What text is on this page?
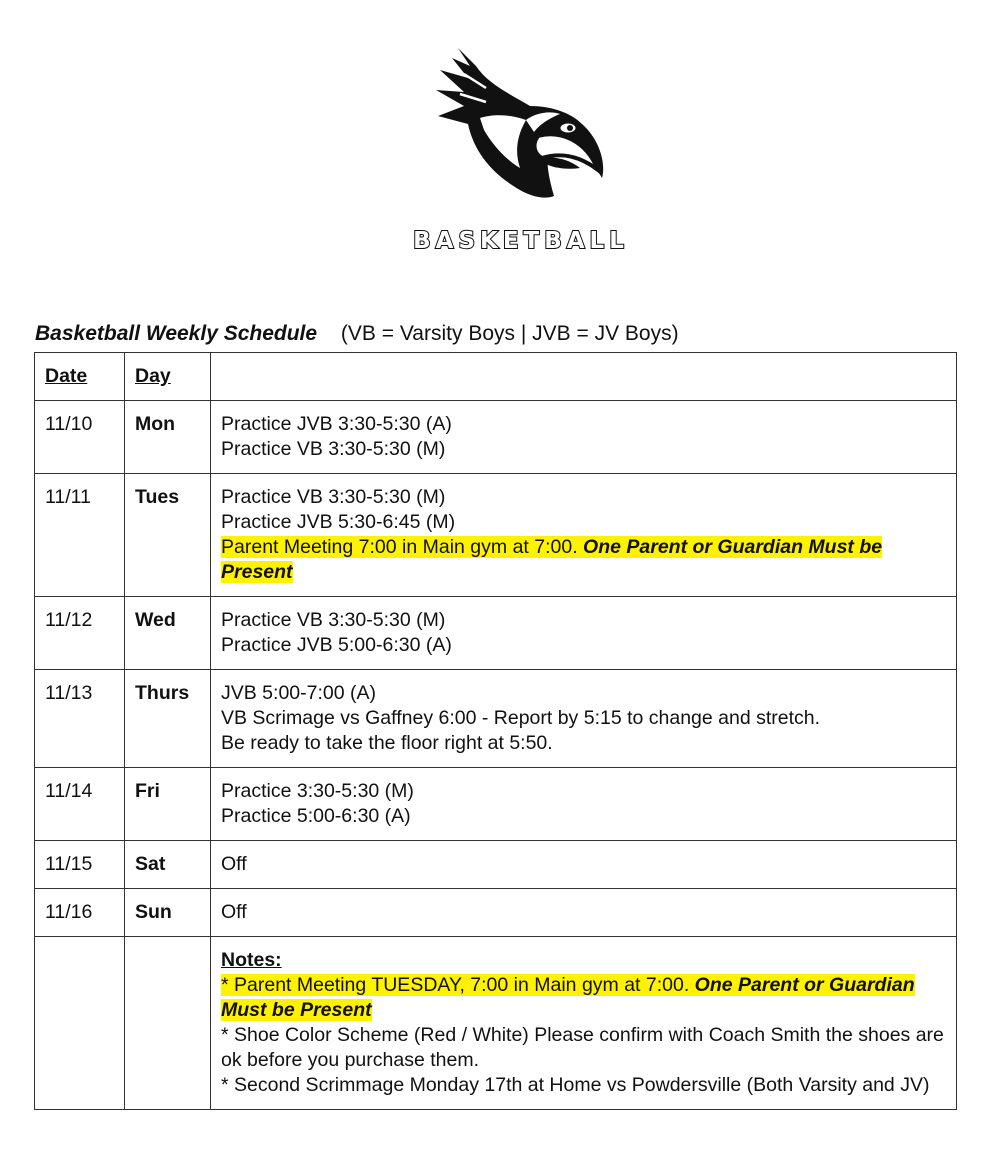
BASKETBALL
Basketball Weekly Schedule (VB = Varsity Boys | JVB = JV Boys)
Date	Day	
11/10	Mon	Practice JVB 3:30-5:30 (A)
Practice VB 3:30-5:30 (M)

11/11	Tues	Practice VB 3:30-5:30 (M)
Practice JVB 5:30-6:45 (M)
Parent Meeting 7:00 in Main gym at 7:00. One Parent or Guardian Must be Present

11/12	Wed	Practice VB 3:30-5:30 (M)
Practice JVB 5:00-6:30 (A)

11/13	Thurs	JVB 5:00-7:00 (A)
VB Scrimage vs Gaffney 6:00 - Report by 5:15 to change and stretch.
Be ready to take the floor right at 5:50.

11/14	Fri	Practice 3:30-5:30 (M)
Practice 5:00-6:30 (A)

11/15	Sat	Off

11/16	Sun	Off

		Notes:
* Parent Meeting TUESDAY, 7:00 in Main gym at 7:00. One Parent or Guardian Must be Present
* Shoe Color Scheme (Red / White) Please confirm with Coach Smith the shoes are ok before you purchase them.
* Second Scrimmage Monday 17th at Home vs Powdersville (Both Varsity and JV)
